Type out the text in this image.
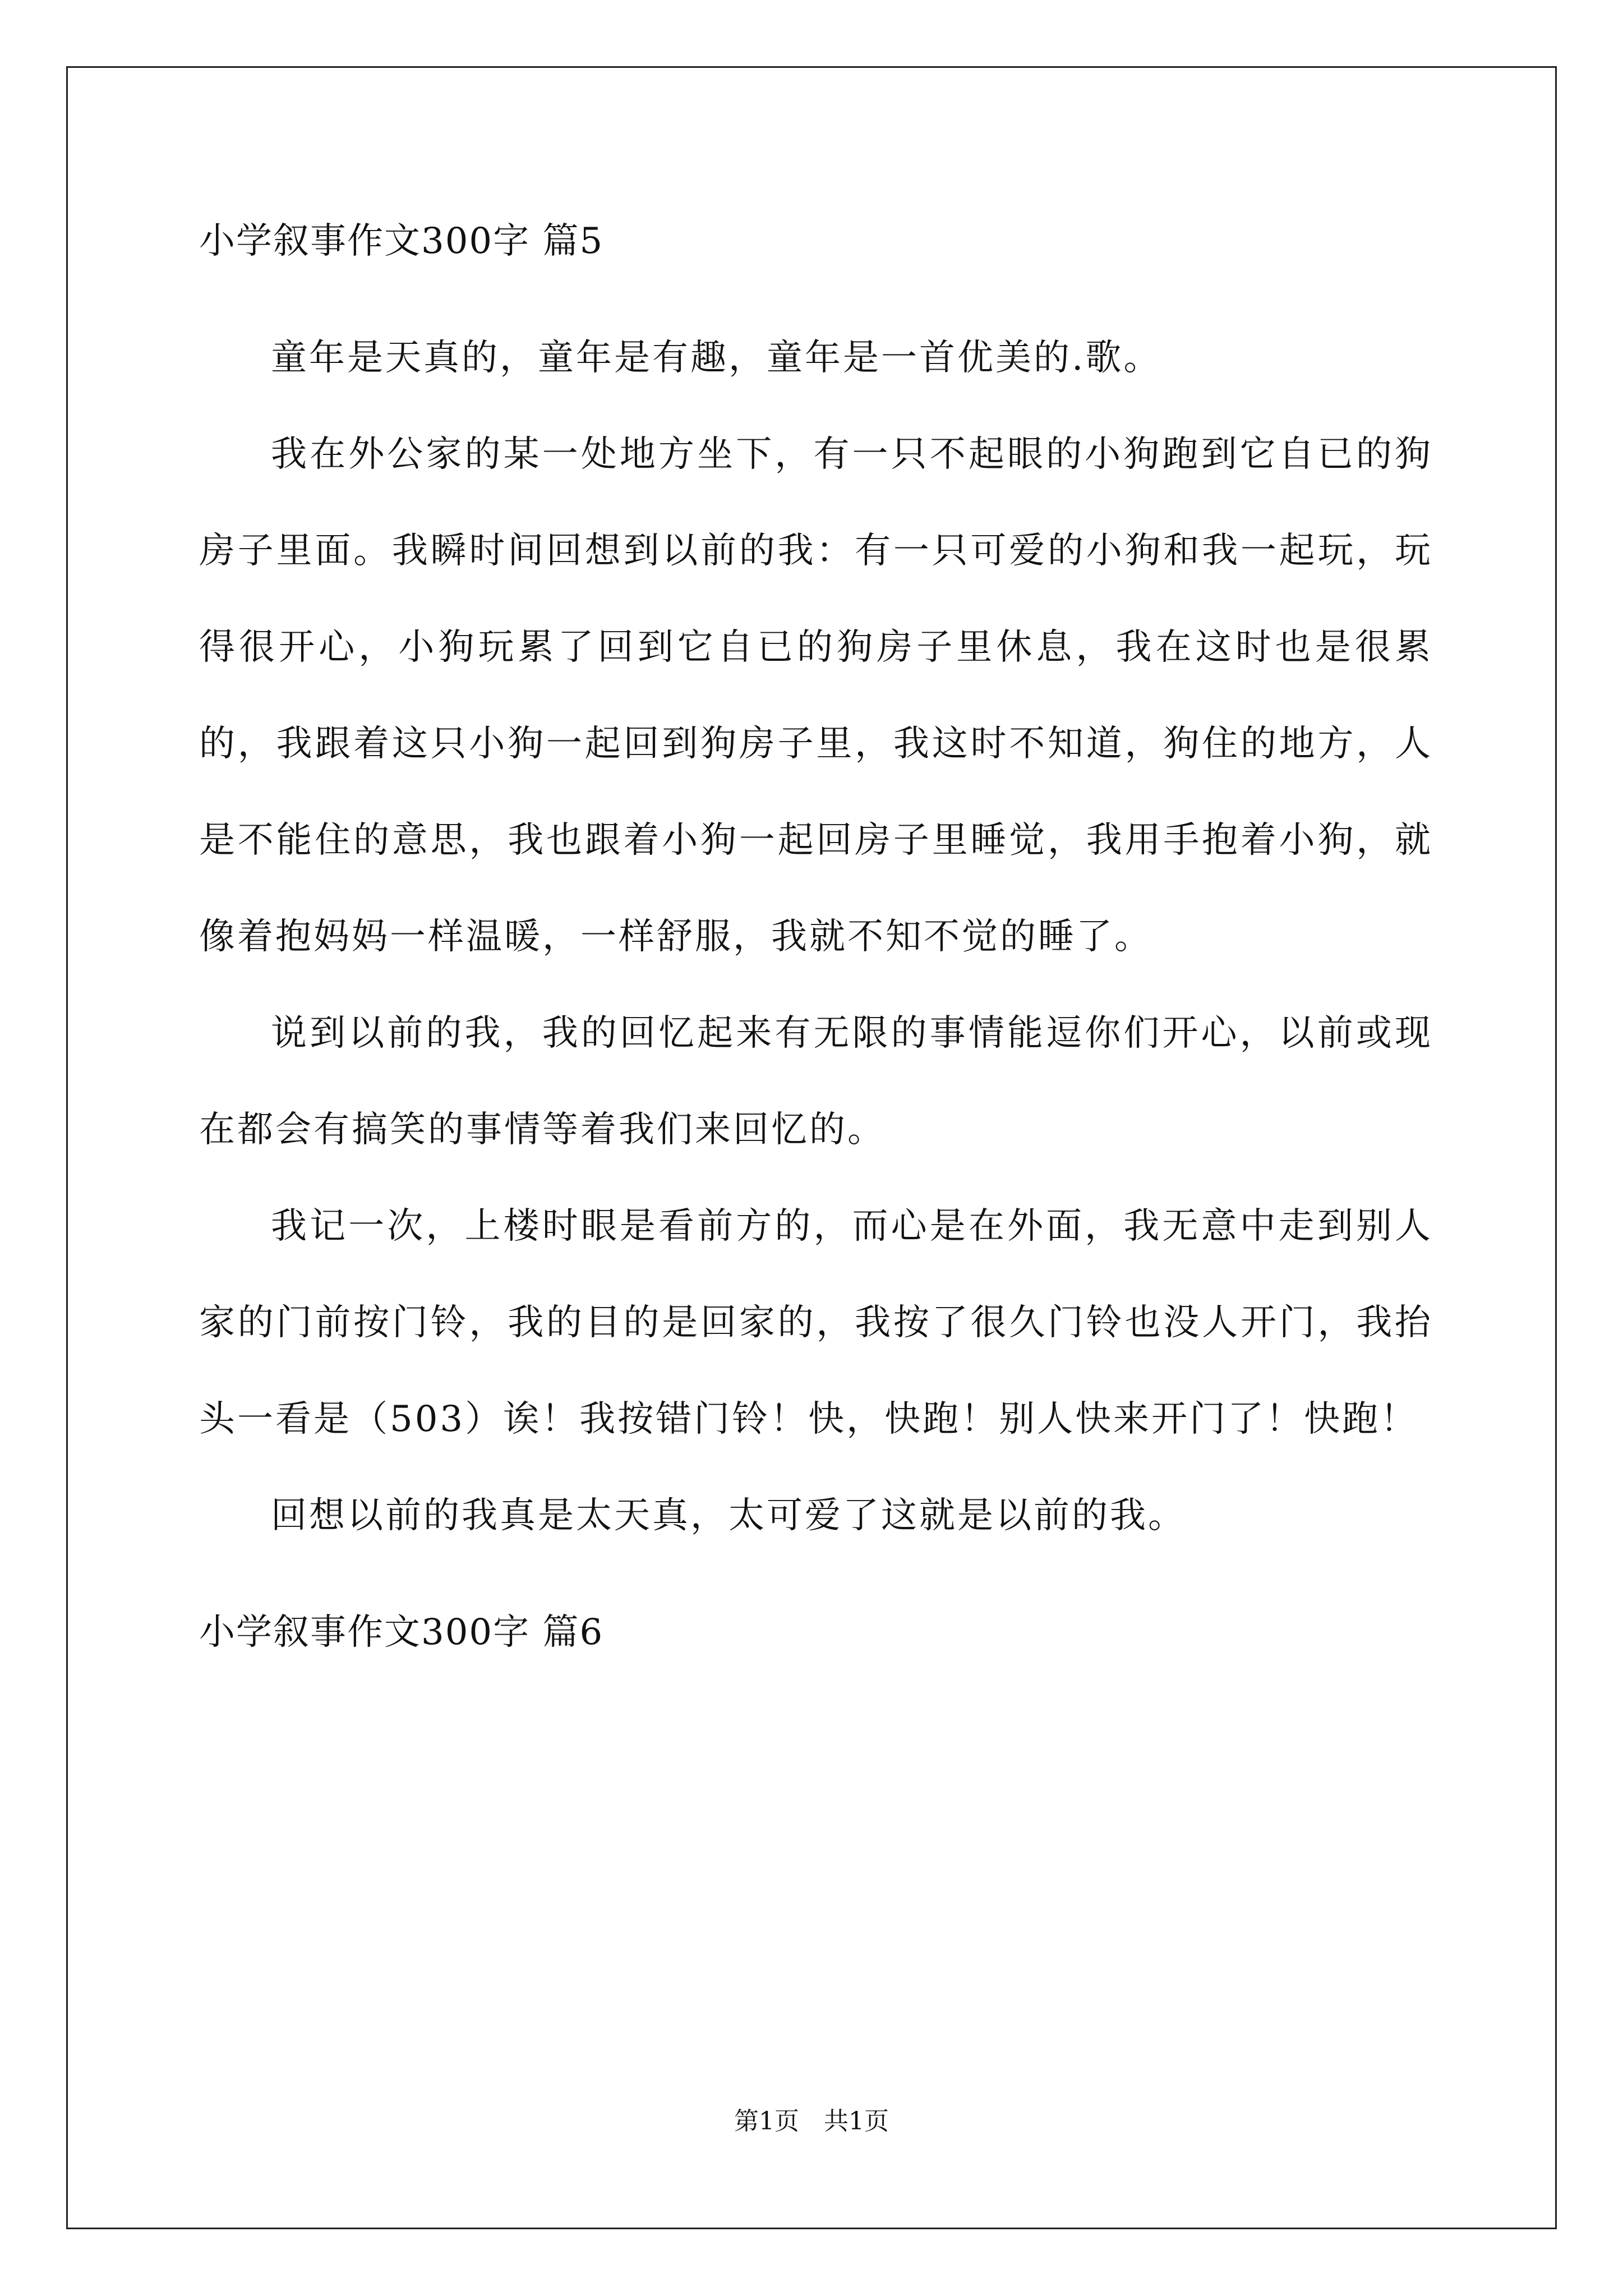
小学叙事作文300字 篇5

童年是天真的，童年是有趣，童年是一首优美的.歌。

我在外公家的某一处地方坐下，有一只不起眼的小狗跑到它自已的狗房子里面。我瞬时间回想到以前的我：有一只可爱的小狗和我一起玩，玩得很开心，小狗玩累了回到它自已的狗房子里休息，我在这时也是很累的，我跟着这只小狗一起回到狗房子里，我这时不知道，狗住的地方，人是不能住的意思，我也跟着小狗一起回房子里睡觉，我用手抱着小狗，就像着抱妈妈一样温暖，一样舒服，我就不知不觉的睡了。

说到以前的我，我的回忆起来有无限的事情能逗你们开心，以前或现在都会有搞笑的事情等着我们来回忆的。

我记一次，上楼时眼是看前方的，而心是在外面，我无意中走到别人家的门前按门铃，我的目的是回家的，我按了很久门铃也没人开门，我抬头一看是（503）诶！我按错门铃！快，快跑！别人快来开门了！快跑！

回想以前的我真是太天真，太可爱了这就是以前的我。

小学叙事作文300字 篇6
第1页　共1页
